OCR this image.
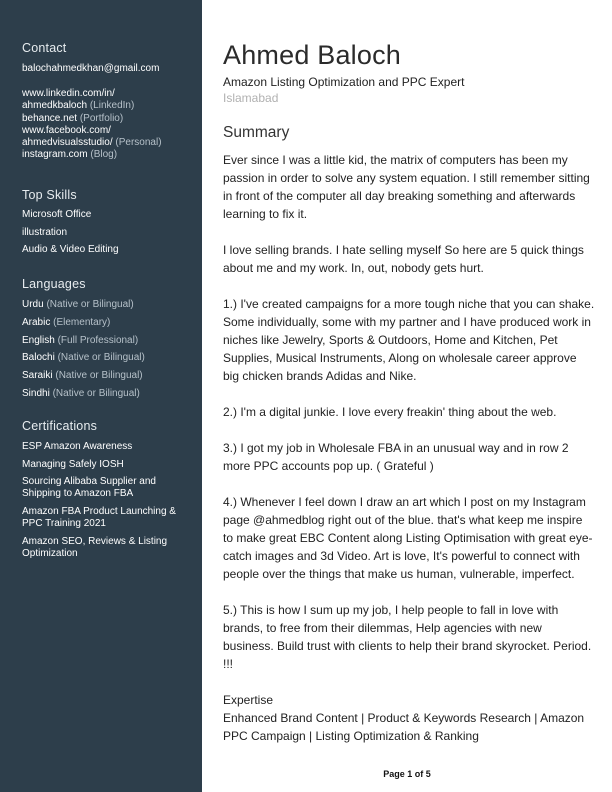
Contact
balochahmedkhan@gmail.com
www.linkedin.com/in/
ahmedkbaloch (LinkedIn)
behance.net (Portfolio)
www.facebook.com/
ahmedvisualsstudio/ (Personal)
instagram.com (Blog)
Top Skills
Microsoft Office
illustration
Audio & Video Editing
Languages
Urdu (Native or Bilingual)
Arabic (Elementary)
English (Full Professional)
Balochi (Native or Bilingual)
Saraiki (Native or Bilingual)
Sindhi (Native or Bilingual)
Certifications
ESP Amazon Awareness
Managing Safely IOSH
Sourcing Alibaba Supplier and
Shipping to Amazon FBA
Amazon FBA Product Launching &
PPC Training 2021
Amazon SEO, Reviews & Listing
Optimization
Ahmed Baloch
Amazon Listing Optimization and PPC Expert
Islamabad
Summary

Ever since I was a little kid, the matrix of computers has been my passion in order to solve any system equation. I still remember sitting in front of the computer all day breaking something and afterwards learning to fix it.

I love selling brands. I hate selling myself So here are 5 quick things about me and my work. In, out, nobody gets hurt.

1.) I've created campaigns for a more tough niche that you can shake. Some individually, some with my partner and I have produced work in niches like Jewelry, Sports & Outdoors, Home and Kitchen, Pet Supplies, Musical Instruments, Along on wholesale career approve big chicken brands Adidas and Nike.

2.) I'm a digital junkie. I love every freakin' thing about the web.

3.) I got my job in Wholesale FBA in an unusual way and in row 2 more PPC accounts pop up. ( Grateful )

4.) Whenever I feel down I draw an art which I post on my Instagram page @ahmedblog right out of the blue. that's what keep me inspire to make great EBC Content along Listing Optimisation with great eye-catch images and 3d Video. Art is love, It's powerful to connect with people over the things that make us human, vulnerable, imperfect.

5.) This is how I sum up my job, I help people to fall in love with brands, to free from their dilemmas, Help agencies with new business. Build trust with clients to help their brand skyrocket. Period. !!!

Expertise

Enhanced Brand Content | Product & Keywords Research | Amazon PPC Campaign | Listing Optimization & Ranking

Page 1 of 5
